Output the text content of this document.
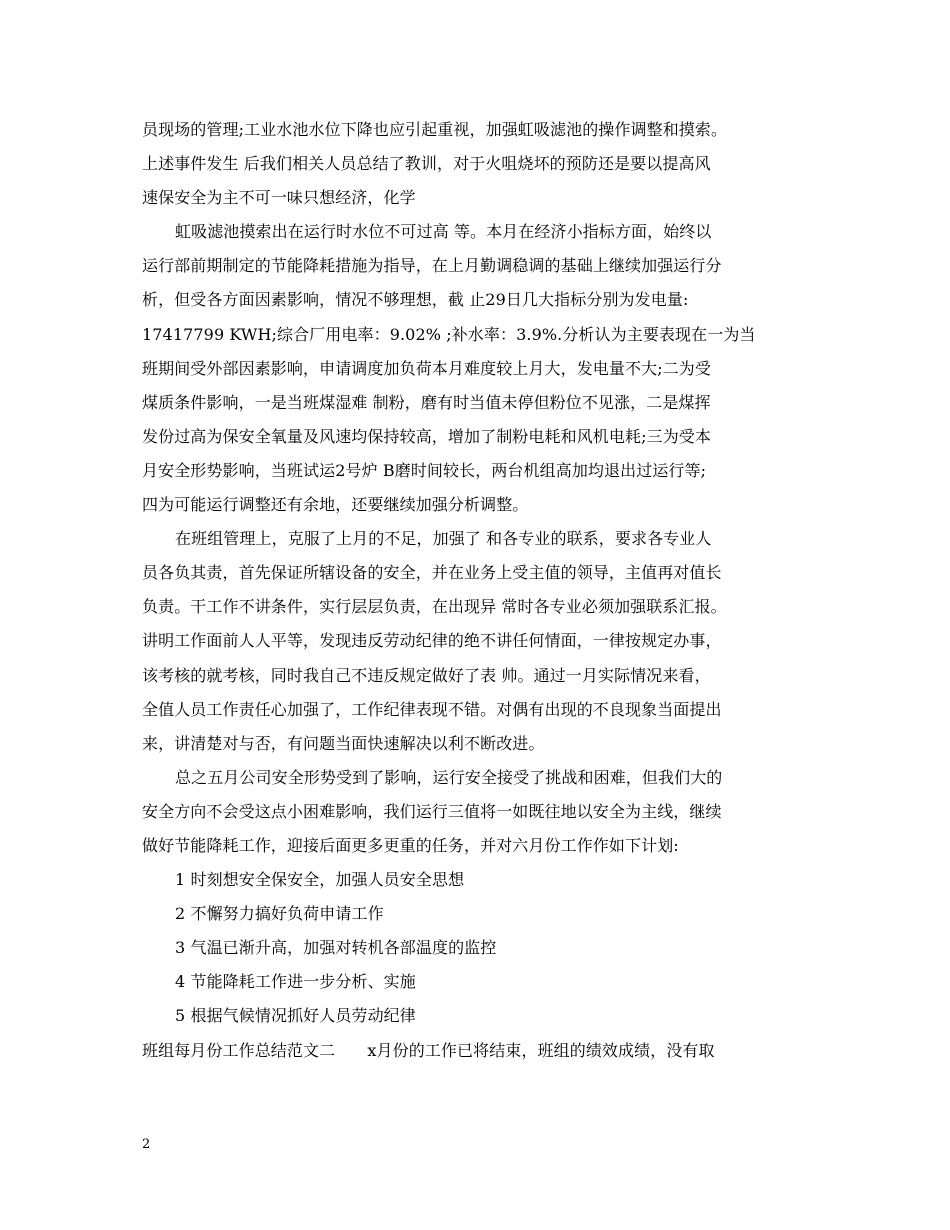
员现场的管理;工业水池水位下降也应引起重视，加强虹吸滤池的操作调整和摸索。
上述事件发生 后我们相关人员总结了教训，对于火咀烧坏的预防还是要以提高风
速保安全为主不可一味只想经济，化学
虹吸滤池摸索出在运行时水位不可过高 等。本月在经济小指标方面，始终以
运行部前期制定的节能降耗措施为指导，在上月勤调稳调的基础上继续加强运行分
析，但受各方面因素影响，情况不够理想，截 止29日几大指标分别为发电量:
17417799 KWH;综合厂用电率：9.02% ;补水率：3.9%.分析认为主要表现在一为当
班期间受外部因素影响，申请调度加负荷本月难度较上月大，发电量不大;二为受
煤质条件影响，一是当班煤湿难 制粉，磨有时当值未停但粉位不见涨，二是煤挥
发份过高为保安全氧量及风速均保持较高，增加了制粉电耗和风机电耗;三为受本
月安全形势影响，当班试运2号炉 B磨时间较长，两台机组高加均退出过运行等;
四为可能运行调整还有余地，还要继续加强分析调整。
在班组管理上，克服了上月的不足，加强了 和各专业的联系，要求各专业人
员各负其责，首先保证所辖设备的安全，并在业务上受主值的领导，主值再对值长
负责。干工作不讲条件，实行层层负责，在出现异 常时各专业必须加强联系汇报。
讲明工作面前人人平等，发现违反劳动纪律的绝不讲任何情面，一律按规定办事，
该考核的就考核，同时我自己不违反规定做好了表 帅。通过一月实际情况来看，
全值人员工作责任心加强了，工作纪律表现不错。对偶有出现的不良现象当面提出
来，讲清楚对与否，有问题当面快速解决以利不断改进。
总之五月公司安全形势受到了影响，运行安全接受了挑战和困难，但我们大的
安全方向不会受这点小困难影响，我们运行三值将一如既往地以安全为主线，继续
做好节能降耗工作，迎接后面更多更重的任务，并对六月份工作作如下计划:
1 时刻想安全保安全，加强人员安全思想
2 不懈努力搞好负荷申请工作
3 气温已渐升高，加强对转机各部温度的监控
4 节能降耗工作进一步分析、实施
5 根据气候情况抓好人员劳动纪律
班组每月份工作总结范文二　　x月份的工作已将结束，班组的绩效成绩，没有取
2
